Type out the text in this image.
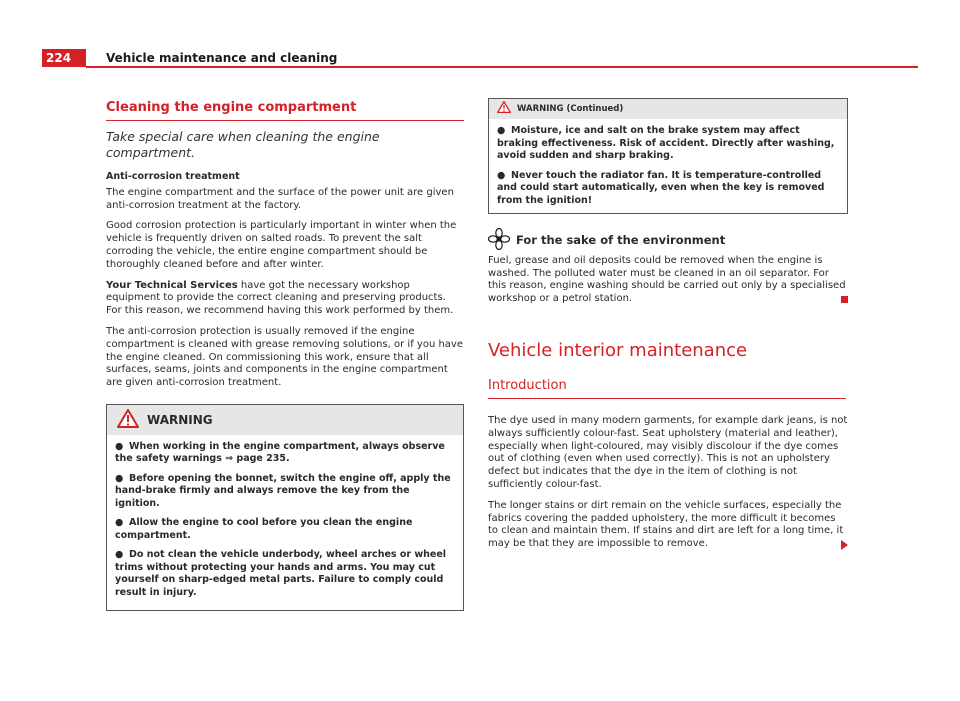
224	Vehicle maintenance and cleaning
Cleaning the engine compartment
Take special care when cleaning the engine compartment.
Anti-corrosion treatment

The engine compartment and the surface of the power unit are given anti-corrosion treatment at the factory.

Good corrosion protection is particularly important in winter when the vehicle is frequently driven on salted roads. To prevent the salt corroding the vehicle, the entire engine compartment should be thoroughly cleaned before and after winter.

Your Technical Services have got the necessary workshop equipment to provide the correct cleaning and preserving products. For this reason, we recommend having this work performed by them.

The anti-corrosion protection is usually removed if the engine compartment is cleaned with grease removing solutions, or if you have the engine cleaned. On commissioning this work, ensure that all surfaces, seams, joints and components in the engine compartment are given anti-corrosion treatment.

WARNING
● When working in the engine compartment, always observe the safety warnings ⇒ page 235.
● Before opening the bonnet, switch the engine off, apply the hand-brake firmly and always remove the key from the ignition.
● Allow the engine to cool before you clean the engine compartment.
● Do not clean the vehicle underbody, wheel arches or wheel trims without protecting your hands and arms. You may cut yourself on sharp-edged metal parts. Failure to comply could result in injury.
WARNING (Continued)
● Moisture, ice and salt on the brake system may affect braking effectiveness. Risk of accident. Directly after washing, avoid sudden and sharp braking.
● Never touch the radiator fan. It is temperature-controlled and could start automatically, even when the key is removed from the ignition!
For the sake of the environment

Fuel, grease and oil deposits could be removed when the engine is washed. The polluted water must be cleaned in an oil separator. For this reason, engine washing should be carried out only by a specialised workshop or a petrol station.

Vehicle interior maintenance
Introduction

The dye used in many modern garments, for example dark jeans, is not always sufficiently colour-fast. Seat upholstery (material and leather), especially when light-coloured, may visibly discolour if the dye comes out of clothing (even when used correctly). This is not an upholstery defect but indicates that the dye in the item of clothing is not sufficiently colour-fast.

The longer stains or dirt remain on the vehicle surfaces, especially the fabrics covering the padded upholstery, the more difficult it becomes to clean and maintain them. If stains and dirt are left for a long time, it may be that they are impossible to remove.
